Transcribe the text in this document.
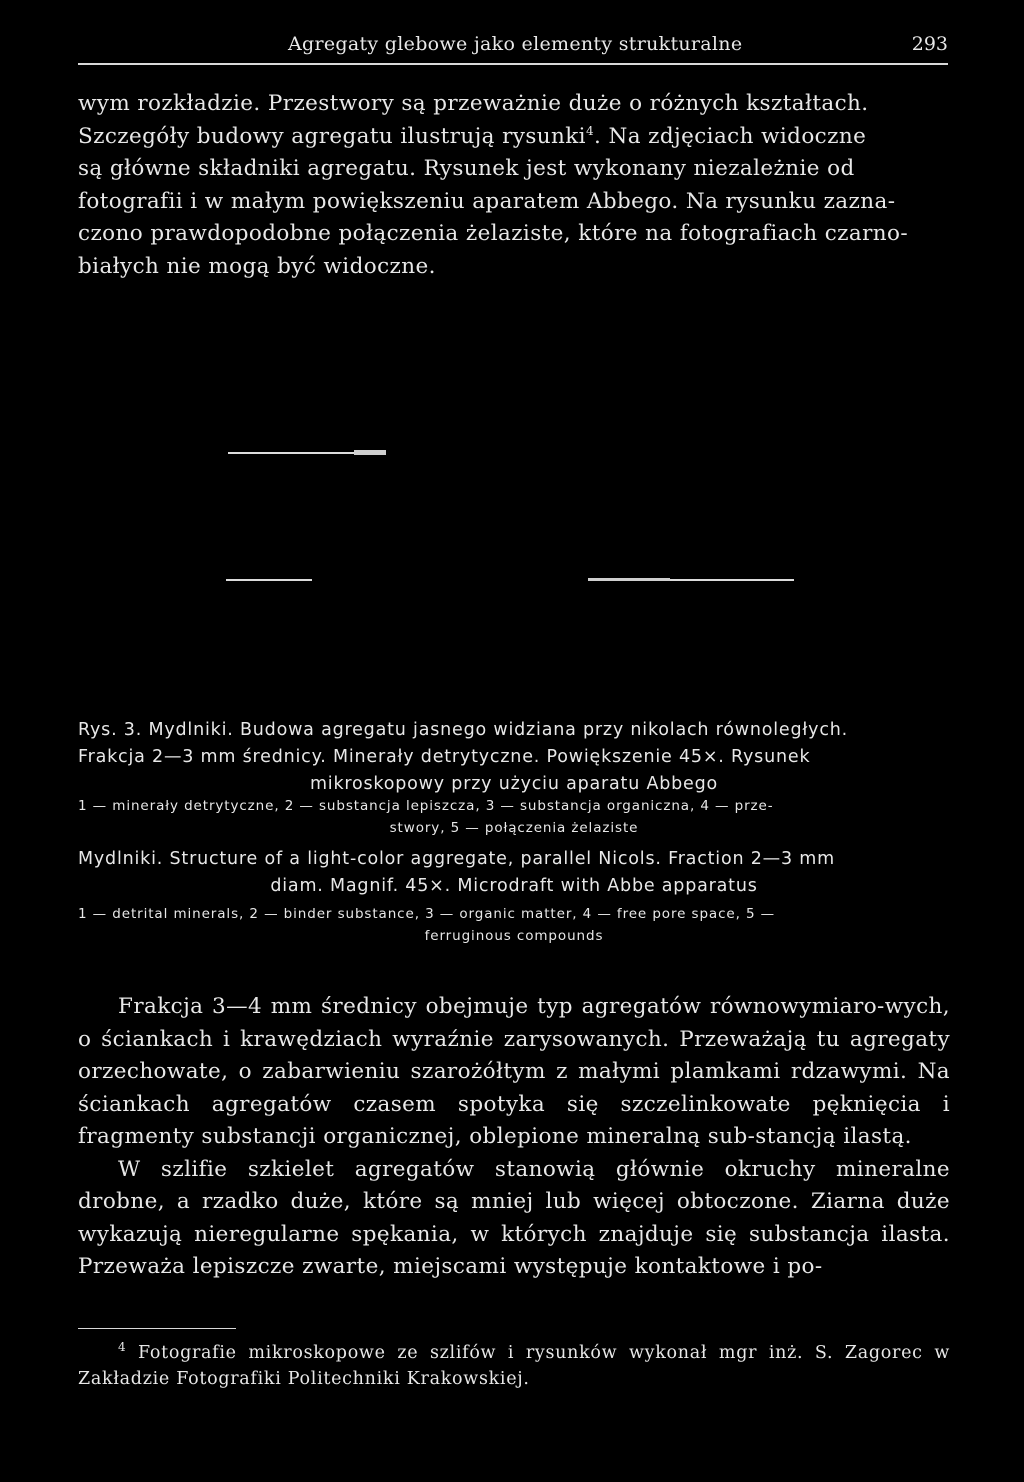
Agregaty glebowe jako elementy strukturalne	293

wym rozkładzie. Przestwory są przeważnie duże o różnych kształtach.

Szczegóły budowy agregatu ilustrują rysunki$^4$. Na zdjęciach widoczne

są główne składniki agregatu. Rysunek jest wykonany niezależnie od

fotografii i w małym powiększeniu aparatem Abbego. Na rysunku zazna-

czono prawdopodobne połączenia żelaziste, które na fotografiach czarno-

białych nie mogą być widoczne.

Rys. 3. Mydlniki. Budowa agregatu jasnego widziana przy nikolach równoległych.

Frakcja 2—3 mm średnicy. Minerały detrytyczne. Powiększenie 45×. Rysunek

mikroskopowy przy użyciu aparatu Abbego

1 — minerały detrytyczne, 2 — substancja lepiszcza, 3 — substancja organiczna, 4 — prze-

stwory, 5 — połączenia żelaziste

Mydlniki. Structure of a light-color aggregate, parallel Nicols. Fraction 2—3 mm

diam. Magnif. 45×. Microdraft with Abbe apparatus

1 — detrital minerals, 2 — binder substance, 3 — organic matter, 4 — free pore space, 5 —

ferruginous compounds

Frakcja 3—4 mm średnicy obejmuje typ agregatów równowymiaro-wych, o ściankach i krawędziach wyraźnie zarysowanych. Przeważają tu agregaty orzechowate, o zabarwieniu szarożółtym z małymi plamkami rdzawymi. Na ściankach agregatów czasem spotyka się szczelinkowate pęknięcia i fragmenty substancji organicznej, oblepione mineralną sub-stancją ilastą.

W szlifie szkielet agregatów stanowią głównie okruchy mineralne drobne, a rzadko duże, które są mniej lub więcej obtoczone. Ziarna duże wykazują nieregularne spękania, w których znajduje się substancja ilasta. Przeważa lepiszcze zwarte, miejscami występuje kontaktowe i po-

$^4$ Fotografie mikroskopowe ze szlifów i rysunków wykonał mgr inż. S. Zagorec w Zakładzie Fotografiki Politechniki Krakowskiej.
